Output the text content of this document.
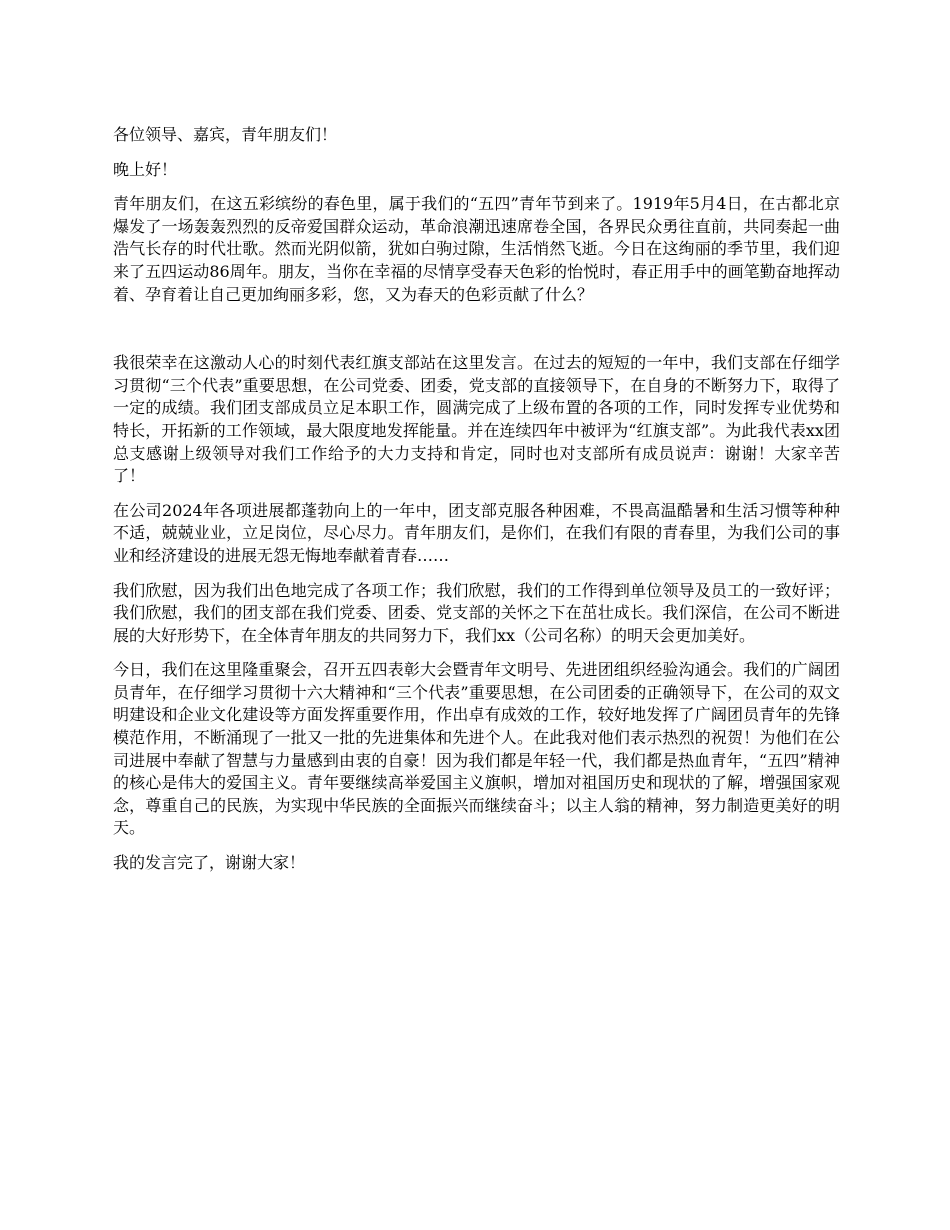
各位领导、嘉宾，青年朋友们！

晚上好！

青年朋友们，在这五彩缤纷的春色里，属于我们的“五四”青年节到来了。1919年5月4日，在古都北京爆发了一场轰轰烈烈的反帝爱国群众运动，革命浪潮迅速席卷全国，各界民众勇往直前，共同奏起一曲浩气长存的时代壮歌。然而光阴似箭，犹如白驹过隙，生活悄然飞逝。今日在这绚丽的季节里，我们迎来了五四运动86周年。朋友，当你在幸福的尽情享受春天色彩的怡悦时，春正用手中的画笔勤奋地挥动着、孕育着让自己更加绚丽多彩，您，又为春天的色彩贡献了什么？

我很荣幸在这激动人心的时刻代表红旗支部站在这里发言。在过去的短短的一年中，我们支部在仔细学习贯彻“三个代表”重要思想，在公司党委、团委，党支部的直接领导下，在自身的不断努力下，取得了一定的成绩。我们团支部成员立足本职工作，圆满完成了上级布置的各项的工作，同时发挥专业优势和特长，开拓新的工作领域，最大限度地发挥能量。并在连续四年中被评为“红旗支部”。为此我代表xx团总支感谢上级领导对我们工作给予的大力支持和肯定，同时也对支部所有成员说声：谢谢！大家辛苦了！

在公司2024年各项进展都蓬勃向上的一年中，团支部克服各种困难，不畏高温酷暑和生活习惯等种种不适，兢兢业业，立足岗位，尽心尽力。青年朋友们，是你们，在我们有限的青春里，为我们公司的事业和经济建设的进展无怨无悔地奉献着青春……

我们欣慰，因为我们出色地完成了各项工作；我们欣慰，我们的工作得到单位领导及员工的一致好评；我们欣慰，我们的团支部在我们党委、团委、党支部的关怀之下在茁壮成长。我们深信，在公司不断进展的大好形势下，在全体青年朋友的共同努力下，我们xx（公司名称）的明天会更加美好。

今日，我们在这里隆重聚会，召开五四表彰大会暨青年文明号、先进团组织经验沟通会。我们的广阔团员青年，在仔细学习贯彻十六大精神和“三个代表”重要思想，在公司团委的正确领导下，在公司的双文明建设和企业文化建设等方面发挥重要作用，作出卓有成效的工作，较好地发挥了广阔团员青年的先锋模范作用，不断涌现了一批又一批的先进集体和先进个人。在此我对他们表示热烈的祝贺！为他们在公司进展中奉献了智慧与力量感到由衷的自豪！因为我们都是年轻一代，我们都是热血青年，“五四”精神的核心是伟大的爱国主义。青年要继续高举爱国主义旗帜，增加对祖国历史和现状的了解，增强国家观念，尊重自己的民族，为实现中华民族的全面振兴而继续奋斗；以主人翁的精神，努力制造更美好的明天。

我的发言完了，谢谢大家！
